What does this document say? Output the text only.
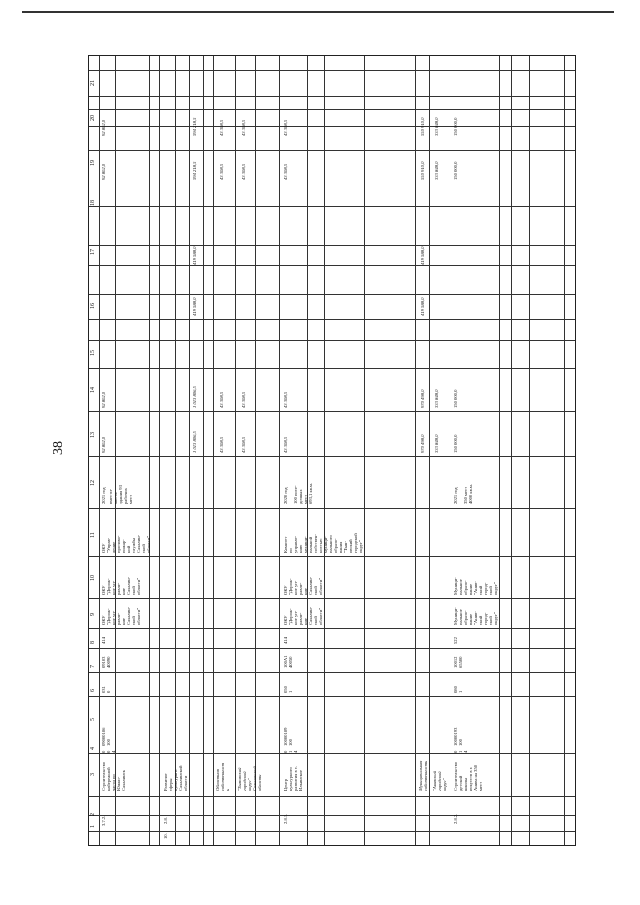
38
1
2
3
4
5
6
7
8
9
10
11
12
13
14
15
16
17
18
19
20
21
3.7.2.
Строительство набережной части по Южно- Сахалинск
0 0 4
09000186 100
031 0
09103 40090
414
ОКУ "Дорож- ное уп- равле- ние Сахалин- ской области"
ОКУ "Дорож- ное уп- равле- ние Сахалин- ской области"
ОКУ "Управ- ление противо- пожар- ной службы Сахалин- ской области"
2021 год вмести- мость здания 93 рабочих мест
92 802,0
92 802,0
92 802,0
92 802,0
10.
2.8.
Развитие сферы культуры в Сахалинской области
1 013 806,5
1 013 806,5
419 588,0
419 588,0
594 218,5
594 218,5
Областная собственност ь
43 308,5
43 308,5
43 308,5
43 308,5
"Тымовский городской округ" Сахалинской области
43 308,5
43 308,5
43 308,5
43 308,5
2.8.1.
Центр культурного развития в с. Ильинское
0 1 4
10000189 100
050 1
100А1 40050
414
ОКУ "Дорож- ное уп- равле- ние Сахалин- ской области"
ОКУ "Дорож- ное уп- равле- ние Сахалин- ской области"
Комитет по управле- нию муници- пальной собствен- ностью муници- пального образо- вания "Тым- овский городской округ"
2020 год 100 посе- дочных мест 693,1 кв.м.
43 308,5
43 308,5
43 308,5
43 308,5
Муниципальная собственность
970 498,0
970 498,0
419 588,0
419 588,0
550 910,0
550 910,0
"Анивский городской округ"
333 848,0
333 848,0
333 848,0
333 848,0
2.8.2.
Строительство детской школы искусств в г. Анива на 350 мест
0 1 4
10000193 100
080 1
10012 65500
522
Муници- пальное образо- вание "Анив- ский город- ской округ"
Муници- пальное образо- вание "Анив- ский город- ской округ"
2021 год 350 мест 4000 кв.м.
150 000,0
150 000,0
150 000,0
150 000,0
